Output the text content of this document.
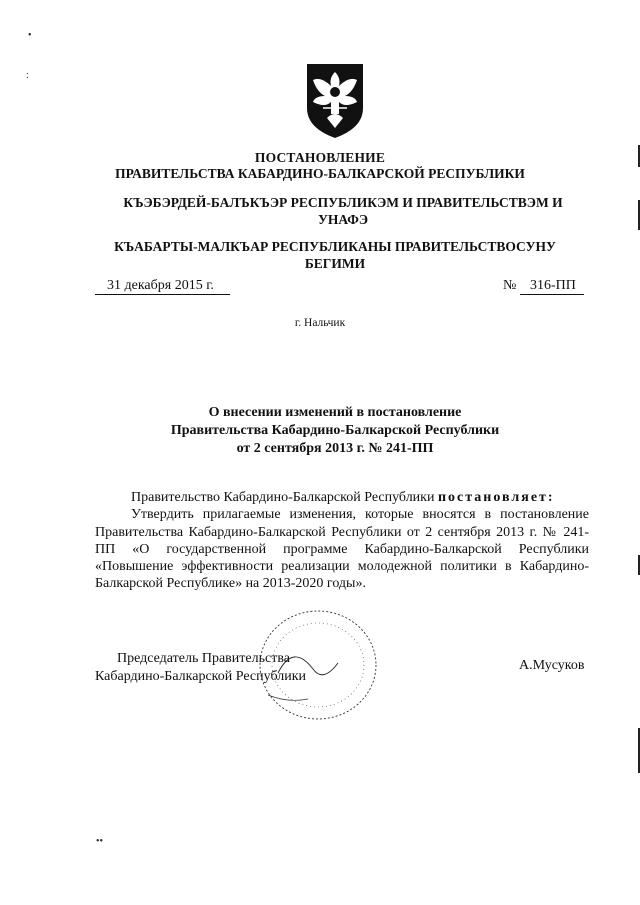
ПОСТАНОВЛЕНИЕ
ПРАВИТЕЛЬСТВА КАБАРДИНО-БАЛКАРСКОЙ РЕСПУБЛИКИ
КЪЭБЭРДЕЙ-БАЛЪКЪЭР РЕСПУБЛИКЭМ И ПРАВИТЕЛЬСТВЭМ И УНАФЭ
КЪАБАРТЫ-МАЛКЪАР РЕСПУБЛИКАНЫ ПРАВИТЕЛЬСТВОСУНУ БЕГИМИ
31 декабря 2015 г.	№ 316-ПП
г. Нальчик
О внесении изменений в постановление
Правительства Кабардино-Балкарской Республики
от 2 сентября 2013 г. № 241-ПП

Правительство Кабардино-Балкарской Республики постановляет:

Утвердить прилагаемые изменения, которые вносятся в постановление Правительства Кабардино-Балкарской Республики от 2 сентября 2013 г. № 241-ПП «О государственной программе Кабардино-Балкарской Республики «Повышение эффективности реализации молодежной политики в Кабардино-Балкарской Республике» на 2013-2020 годы».

Председатель Правительства
Кабардино-Балкарской Республики
А.Мусуков
•
:
••
